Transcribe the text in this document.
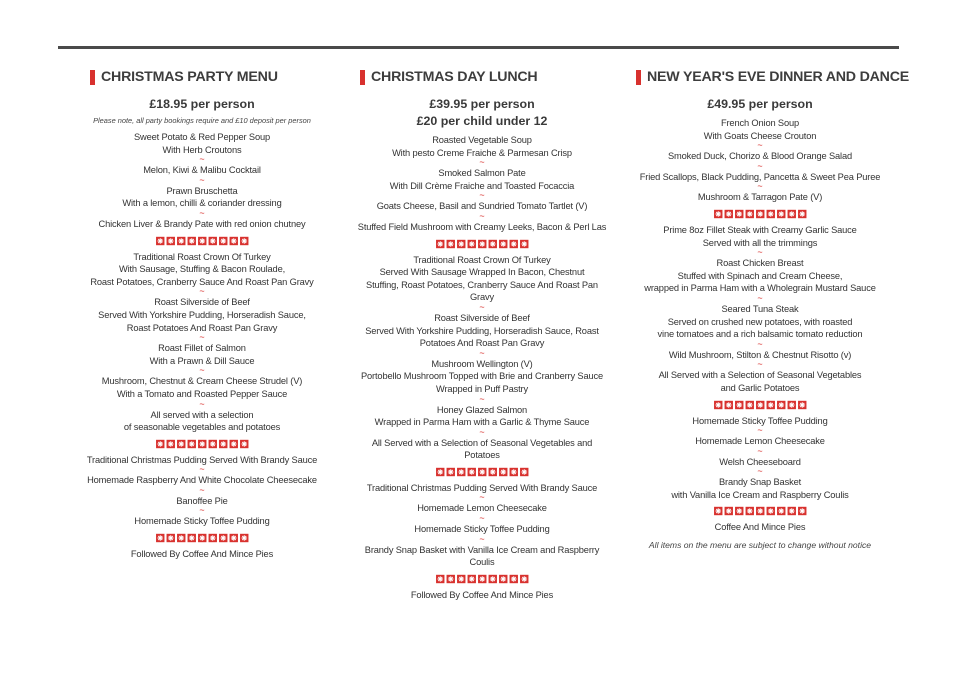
CHRISTMAS PARTY MENU
£18.95 per person
Please note, all party bookings require and £10 deposit per person
Sweet Potato & Red Pepper Soup
With Herb Croutons
~
Melon, Kiwi & Malibu Cocktail
~
Prawn Bruschetta
With a lemon, chilli & coriander dressing
~
Chicken Liver & Brandy Pate with red onion chutney
Traditional Roast Crown Of Turkey
With Sausage, Stuffing & Bacon Roulade,
Roast Potatoes, Cranberry Sauce And Roast Pan Gravy
~
Roast Silverside of Beef
Served With Yorkshire Pudding, Horseradish Sauce,
Roast Potatoes And Roast Pan Gravy
~
Roast Fillet of Salmon
With a Prawn & Dill Sauce
~
Mushroom, Chestnut & Cream Cheese Strudel (V)
With a Tomato and Roasted Pepper Sauce
~
All served with a selection
of seasonable vegetables and potatoes
Traditional Christmas Pudding Served With Brandy Sauce
~
Homemade Raspberry And White Chocolate Cheesecake
~
Banoffee Pie
~
Homemade Sticky Toffee Pudding
Followed By Coffee And Mince Pies
CHRISTMAS DAY LUNCH
£39.95 per person
£20 per child under 12
Roasted Vegetable Soup
With pesto Creme Fraiche & Parmesan Crisp
~
Smoked Salmon Pate
With Dill Crème Fraiche and Toasted Focaccia
~
Goats Cheese, Basil and Sundried Tomato Tartlet (V)
~
Stuffed Field Mushroom with Creamy Leeks, Bacon & Perl Las
Traditional Roast Crown Of Turkey
Served With Sausage Wrapped In Bacon, Chestnut
Stuffing, Roast Potatoes, Cranberry Sauce And Roast Pan Gravy
~
Roast Silverside of Beef
Served With Yorkshire Pudding, Horseradish Sauce, Roast
Potatoes And Roast Pan Gravy
~
Mushroom Wellington (V)
Portobello Mushroom Topped with Brie and Cranberry Sauce
Wrapped in Puff Pastry
~
Honey Glazed Salmon
Wrapped in Parma Ham with a Garlic & Thyme Sauce
~
All Served with a Selection of Seasonal Vegetables and Potatoes
Traditional Christmas Pudding Served With Brandy Sauce
~
Homemade Lemon Cheesecake
~
Homemade Sticky Toffee Pudding
~
Brandy Snap Basket with Vanilla Ice Cream and Raspberry Coulis
Followed By Coffee And Mince Pies
NEW YEAR'S EVE DINNER AND DANCE
£49.95 per person
French Onion Soup
With Goats Cheese Crouton
~
Smoked Duck, Chorizo & Blood Orange Salad
~
Fried Scallops, Black Pudding, Pancetta & Sweet Pea Puree
~
Mushroom & Tarragon Pate (V)
Prime 8oz Fillet Steak with Creamy Garlic Sauce
Served with all the trimmings
~
Roast Chicken Breast
Stuffed with Spinach and Cream Cheese,
wrapped in Parma Ham with a Wholegrain Mustard Sauce
~
Seared Tuna Steak
Served on crushed new potatoes, with roasted
vine tomatoes and a rich balsamic tomato reduction
~
Wild Mushroom, Stilton & Chestnut Risotto (v)
~
All Served with a Selection of Seasonal Vegetables
and Garlic Potatoes
Homemade Sticky Toffee Pudding
~
Homemade Lemon Cheesecake
~
Welsh Cheeseboard
~
Brandy Snap Basket
with Vanilla Ice Cream and Raspberry Coulis
Coffee And Mince Pies
All items on the menu are subject to change without notice
